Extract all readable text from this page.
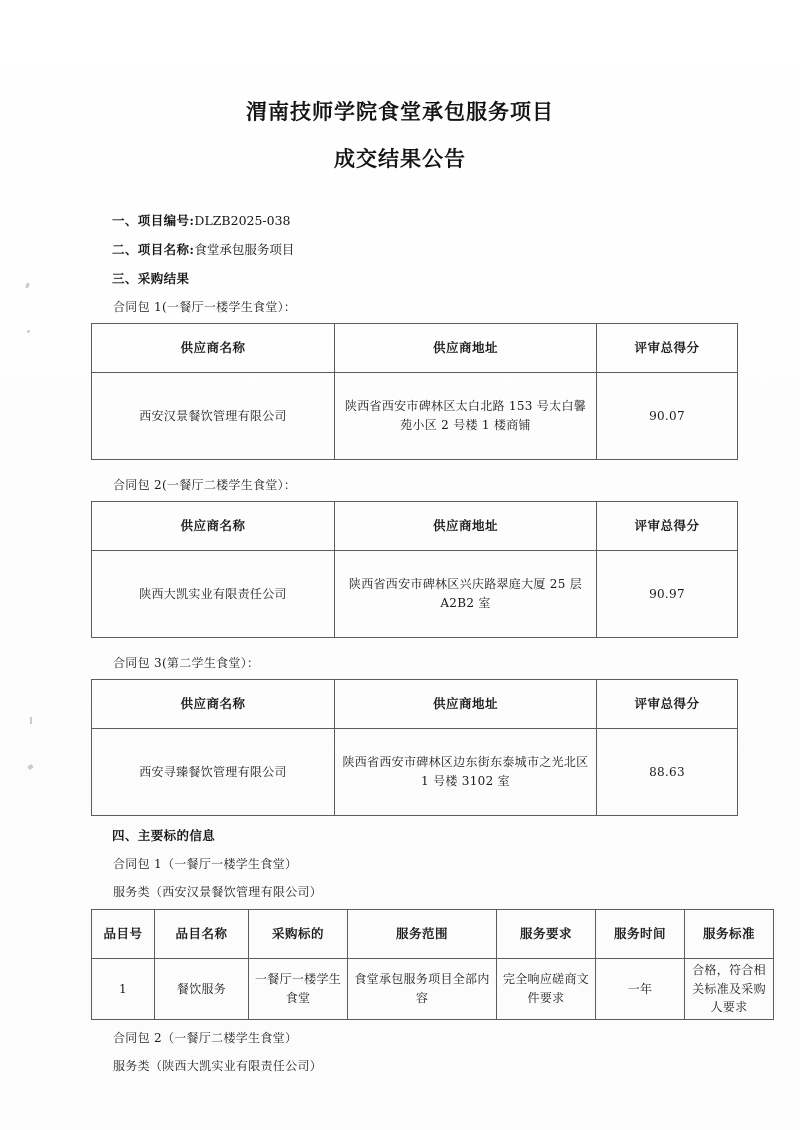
渭南技师学院食堂承包服务项目
成交结果公告
一、项目编号:DLZB2025-038
二、项目名称:食堂承包服务项目
三、采购结果
合同包 1(一餐厅一楼学生食堂）：
供应商名称	供应商地址	评审总得分
西安汉景餐饮管理有限公司	陕西省西安市碑林区太白北路 153 号太白馨苑小区 2 号楼 1 楼商铺	90.07
合同包 2(一餐厅二楼学生食堂）：
供应商名称	供应商地址	评审总得分
陕西大凯实业有限责任公司	陕西省西安市碑林区兴庆路翠庭大厦 25 层 A2B2 室	90.97
合同包 3(第二学生食堂）：
供应商名称	供应商地址	评审总得分
西安寻臻餐饮管理有限公司	陕西省西安市碑林区边东街东泰城市之光北区 1 号楼 3102 室	88.63
四、主要标的信息
合同包 1（一餐厅一楼学生食堂）
服务类（西安汉景餐饮管理有限公司）
品目号	品目名称	采购标的	服务范围	服务要求	服务时间	服务标准
1	餐饮服务	一餐厅一楼学生食堂	食堂承包服务项目全部内容	完全响应磋商文件要求	一年	合格，符合相关标准及采购人要求
合同包 2（一餐厅二楼学生食堂）
服务类（陕西大凯实业有限责任公司）
